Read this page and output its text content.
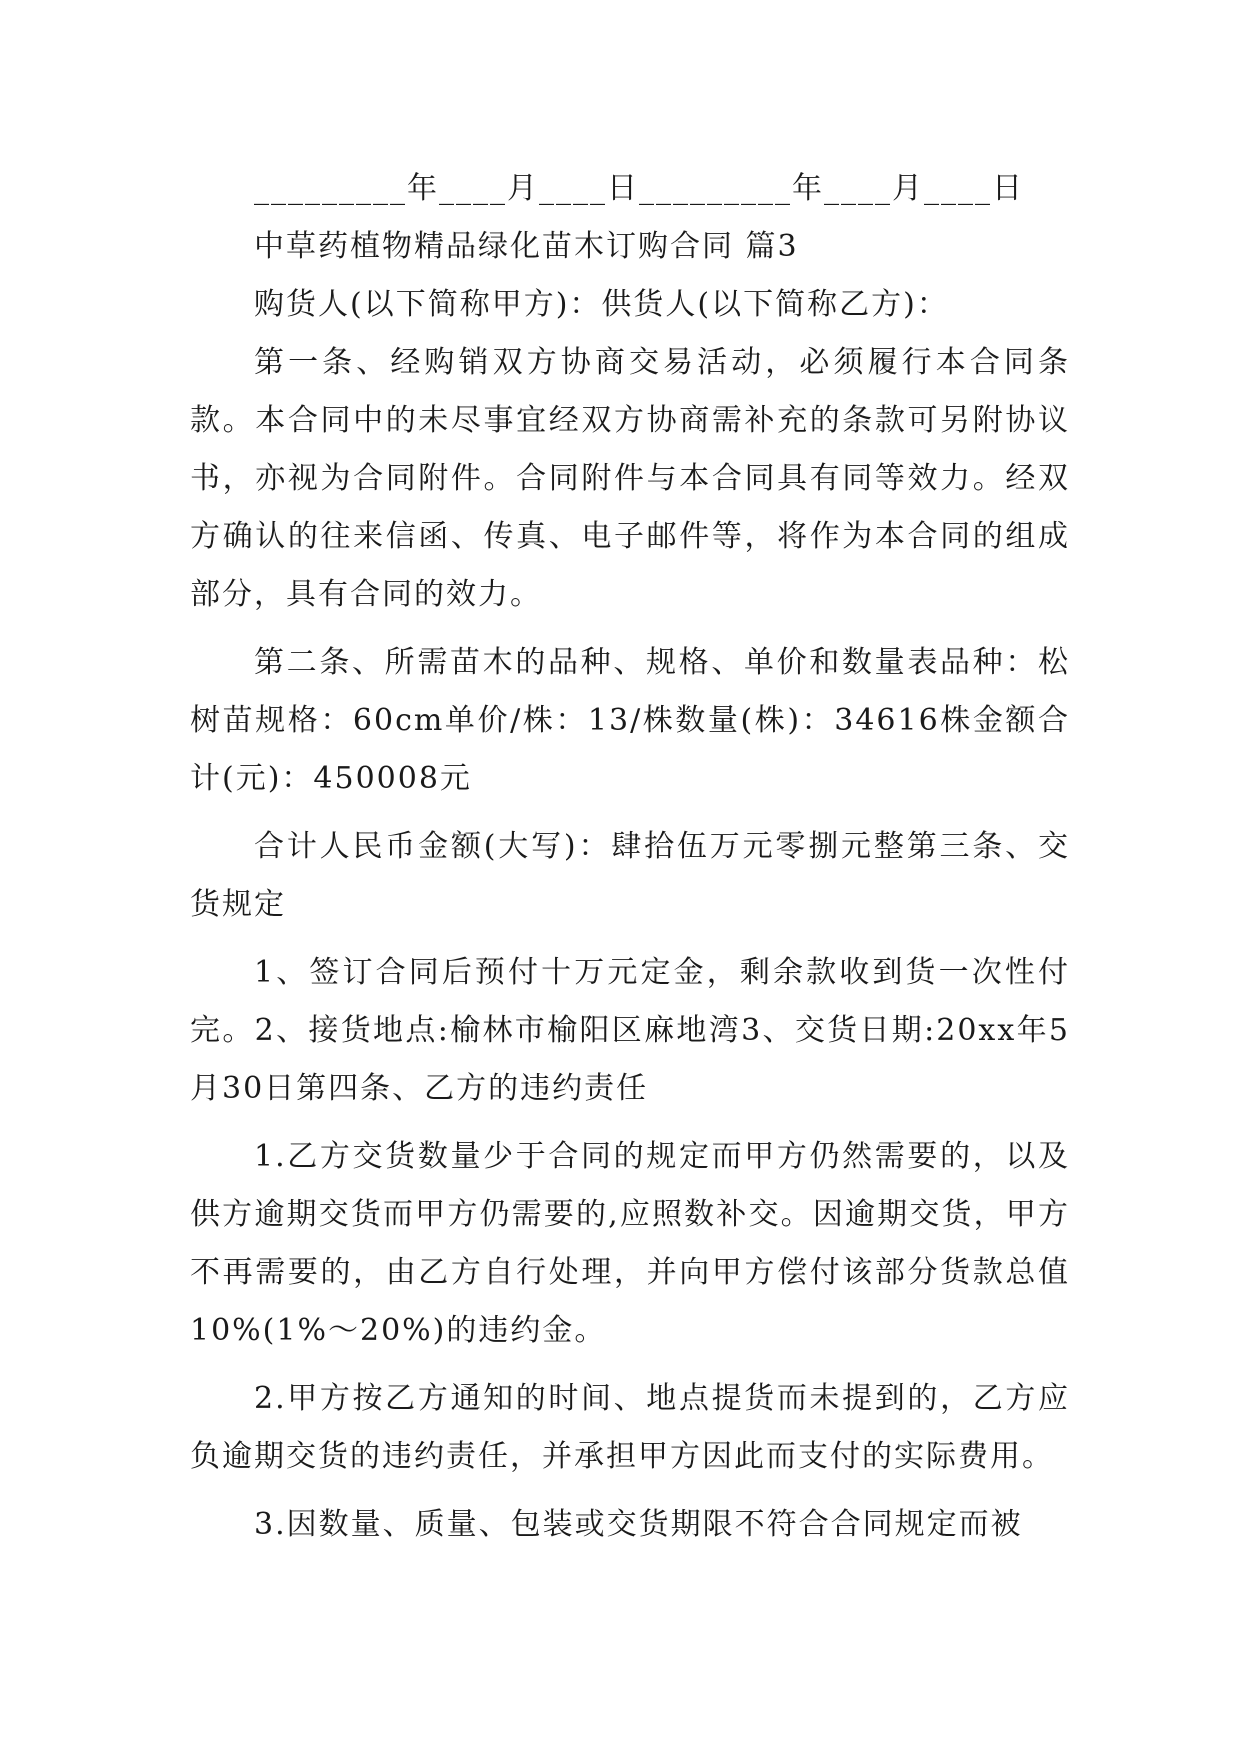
_________年____月____日_________年____月____日

中草药植物精品绿化苗木订购合同 篇3

购货人(以下简称甲方)：供货人(以下简称乙方)：

第一条、经购销双方协商交易活动，必须履行本合同条款。本合同中的未尽事宜经双方协商需补充的条款可另附协议书，亦视为合同附件。合同附件与本合同具有同等效力。经双方确认的往来信函、传真、电子邮件等，将作为本合同的组成部分，具有合同的效力。

第二条、所需苗木的品种、规格、单价和数量表品种：松树苗规格：60cm单价/株：13/株数量(株)：34616株金额合计(元)：450008元

合计人民币金额(大写)：肆拾伍万元零捌元整第三条、交货规定

1、签订合同后预付十万元定金，剩余款收到货一次性付完。2、接货地点:榆林市榆阳区麻地湾3、交货日期:20xx年5月30日第四条、乙方的违约责任

1.乙方交货数量少于合同的规定而甲方仍然需要的，以及供方逾期交货而甲方仍需要的,应照数补交。因逾期交货，甲方不再需要的，由乙方自行处理，并向甲方偿付该部分货款总值10%(1%～20%)的违约金。

2.甲方按乙方通知的时间、地点提货而未提到的，乙方应负逾期交货的违约责任，并承担甲方因此而支付的实际费用。

3.因数量、质量、包装或交货期限不符合合同规定而被
